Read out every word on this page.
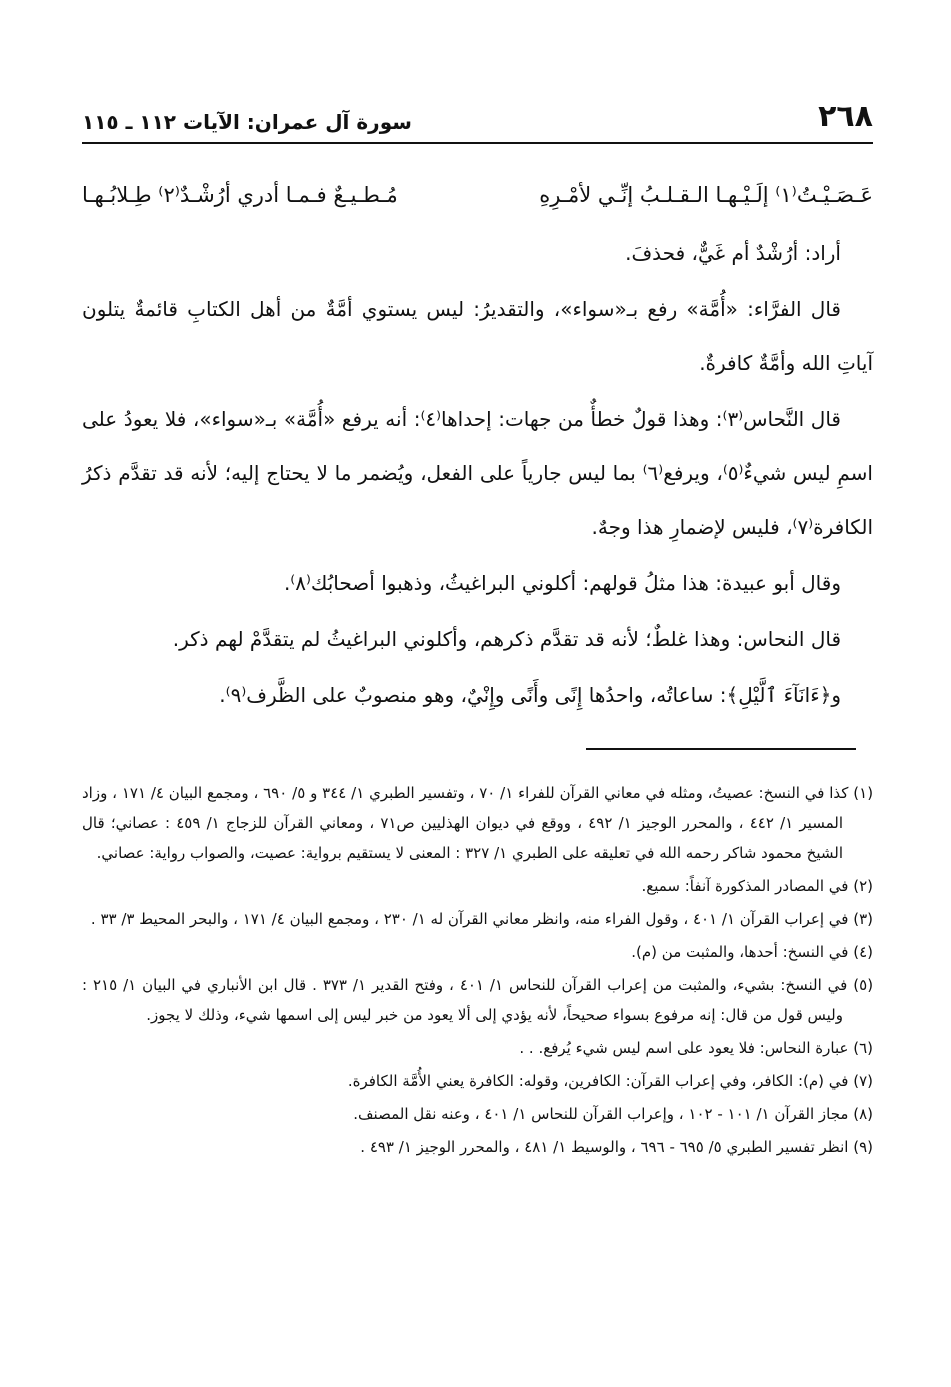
٢٦٨
سورة آل عمران: الآيات ١١٢ ـ ١١٥
عَـصَـيْـتُ⁽١⁾ إلَـيْـهـا الـقـلـبُ إنِّـي لأمْـرِهِ
مُـطـيـعٌ فـمـا أدري أرُشْـدٌ⁽٢⁾ طِـلابُـهـا

أراد: أرُشْدٌ أم غَيٌّ، فحذفَ.

قال الفرَّاء: «أُمَّة» رفع بـ«سواء»، والتقديرُ: ليس يستوي أمَّةٌ من أهل الكتابِ قائمةٌ يتلون آياتِ الله وأمَّةٌ كافرةٌ.

قال النَّحاس⁽٣⁾: وهذا قولٌ خطأٌ من جهات: إحداها⁽٤⁾: أنه يرفع «أُمَّة» بـ«سواء»، فلا يعودُ على اسمِ ليس شيءٌ⁽٥⁾، ويرفع⁽٦⁾ بما ليس جارياً على الفعل، ويُضمر ما لا يحتاج إليه؛ لأنه قد تقدَّم ذكرُ الكافرة⁽٧⁾، فليس لإضمارِ هذا وجهٌ.

وقال أبو عبيدة: هذا مثلُ قولهم: أكلوني البراغيثُ، وذهبوا أصحابُك⁽٨⁾.

قال النحاس: وهذا غلطٌ؛ لأنه قد تقدَّم ذكرهم، وأكلوني البراغيثُ لم يتقدَّمْ لهم ذكر.

و﴿ءَانَآءَ ٱلَّيْلِ﴾: ساعاتُه، واحدُها إِنًى وأَنًى وإِنْيٌ، وهو منصوبٌ على الظَّرف⁽٩⁾.

(١) كذا في النسخ: عصيتُ، ومثله في معاني القرآن للفراء ١/ ٧٠ ، وتفسير الطبري ١/ ٣٤٤ و ٥/ ٦٩٠ ، ومجمع البيان ٤/ ١٧١ ، وزاد المسير ١/ ٤٤٢ ، والمحرر الوجيز ١/ ٤٩٢ ، ووقع في ديوان الهذليين ص٧١ ، ومعاني القرآن للزجاج ١/ ٤٥٩ : عصاني؛ قال الشيخ محمود شاكر رحمه الله في تعليقه على الطبري ١/ ٣٢٧ : المعنى لا يستقيم برواية: عصيت، والصواب رواية: عصاني.

(٢) في المصادر المذكورة آنفاً: سميع.

(٣) في إعراب القرآن ١/ ٤٠١ ، وقول الفراء منه، وانظر معاني القرآن له ١/ ٢٣٠ ، ومجمع البيان ٤/ ١٧١ ، والبحر المحيط ٣/ ٣٣ .

(٤) في النسخ: أحدها، والمثبت من (م).

(٥) في النسخ: بشيء، والمثبت من إعراب القرآن للنحاس ١/ ٤٠١ ، وفتح القدير ١/ ٣٧٣ . قال ابن الأنباري في البيان ١/ ٢١٥ : وليس قول من قال: إنه مرفوع بسواء صحيحاً، لأنه يؤدي إلى ألا يعود من خبر ليس إلى اسمها شيء، وذلك لا يجوز.

(٦) عبارة النحاس: فلا يعود على اسم ليس شيء يُرفع. . .

(٧) في (م): الكافر، وفي إعراب القرآن: الكافرين، وقوله: الكافرة يعني الأُمَّة الكافرة.

(٨) مجاز القرآن ١/ ١٠١ - ١٠٢ ، وإعراب القرآن للنحاس ١/ ٤٠١ ، وعنه نقل المصنف.

(٩) انظر تفسير الطبري ٥/ ٦٩٥ - ٦٩٦ ، والوسيط ١/ ٤٨١ ، والمحرر الوجيز ١/ ٤٩٣ .
